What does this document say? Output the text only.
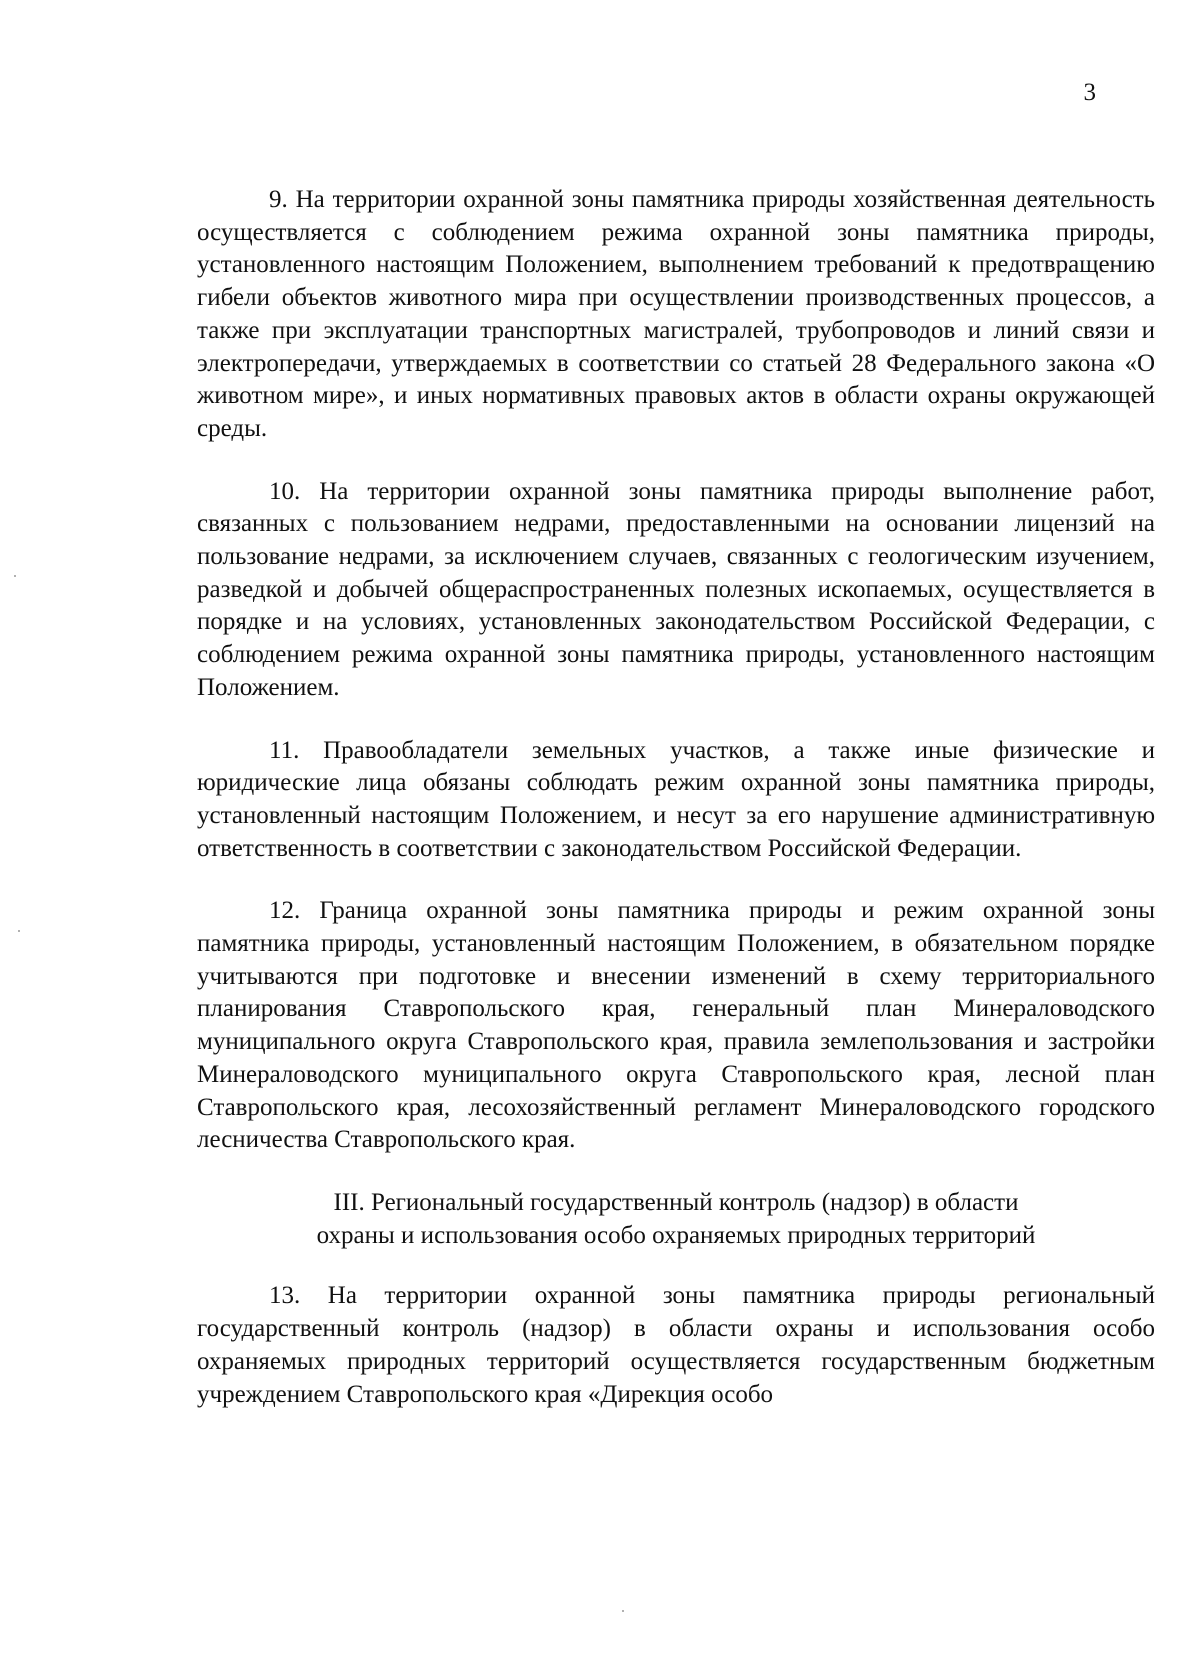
3

9. На территории охранной зоны памятника природы хозяйственная деятельность осуществляется с соблюдением режима охранной зоны памятника природы, установленного настоящим Положением, выполнением требований к предотвращению гибели объектов животного мира при осуществлении производственных процессов, а также при эксплуатации транспортных магистралей, трубопроводов и линий связи и электропередачи, утверждаемых в соответствии со статьей 28 Федерального закона «О животном мире», и иных нормативных правовых актов в области охраны окружающей среды.

10. На территории охранной зоны памятника природы выполнение работ, связанных с пользованием недрами, предоставленными на основании лицензий на пользование недрами, за исключением случаев, связанных с геологическим изучением, разведкой и добычей общераспространенных полезных ископаемых, осуществляется в порядке и на условиях, установленных законодательством Российской Федерации, с соблюдением режима охранной зоны памятника природы, установленного настоящим Положением.

11. Правообладатели земельных участков, а также иные физические и юридические лица обязаны соблюдать режим охранной зоны памятника природы, установленный настоящим Положением, и несут за его нарушение административную ответственность в соответствии с законодательством Российской Федерации.

12. Граница охранной зоны памятника природы и режим охранной зоны памятника природы, установленный настоящим Положением, в обязательном порядке учитываются при подготовке и внесении изменений в схему территориального планирования Ставропольского края, генеральный план Минераловодского муниципального округа Ставропольского края, правила землепользования и застройки Минераловодского муниципального округа Ставропольского края, лесной план Ставропольского края, лесохозяйственный регламент Минераловодского городского лесничества Ставропольского края.

III. Региональный государственный контроль (надзор) в области
охраны и использования особо охраняемых природных территорий

13. На территории охранной зоны памятника природы региональный государственный контроль (надзор) в области охраны и использования особо охраняемых природных территорий осуществляется государственным бюджетным учреждением Ставропольского края «Дирекция особо
